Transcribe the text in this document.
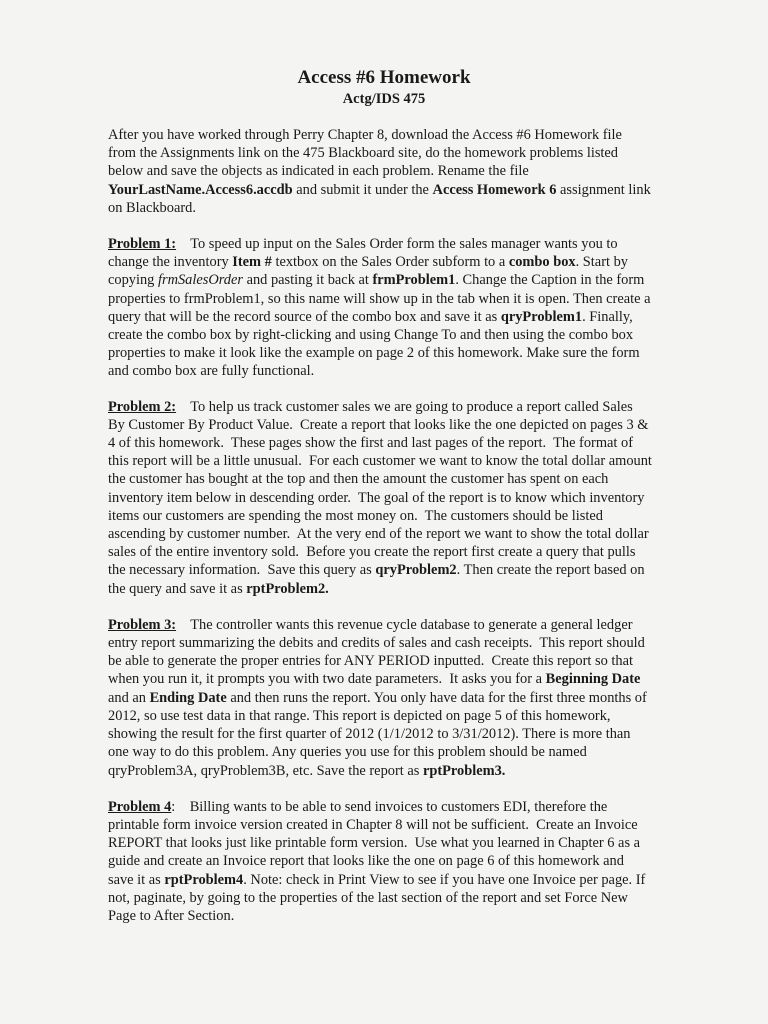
Access #6 Homework

Actg/IDS 475

After you have worked through Perry Chapter 8, download the Access #6 Homework file from the Assignments link on the 475 Blackboard site, do the homework problems listed below and save the objects as indicated in each problem. Rename the file YourLastName.Access6.accdb and submit it under the Access Homework 6 assignment link on Blackboard.

Problem 1:    To speed up input on the Sales Order form the sales manager wants you to change the inventory Item # textbox on the Sales Order subform to a combo box. Start by copying frmSalesOrder and pasting it back at frmProblem1. Change the Caption in the form properties to frmProblem1, so this name will show up in the tab when it is open. Then create a query that will be the record source of the combo box and save it as qryProblem1. Finally, create the combo box by right-clicking and using Change To and then using the combo box properties to make it look like the example on page 2 of this homework. Make sure the form and combo box are fully functional.

Problem 2:    To help us track customer sales we are going to produce a report called Sales By Customer By Product Value.  Create a report that looks like the one depicted on pages 3 & 4 of this homework.  These pages show the first and last pages of the report.  The format of this report will be a little unusual.  For each customer we want to know the total dollar amount the customer has bought at the top and then the amount the customer has spent on each inventory item below in descending order.  The goal of the report is to know which inventory items our customers are spending the most money on.  The customers should be listed ascending by customer number.  At the very end of the report we want to show the total dollar sales of the entire inventory sold.  Before you create the report first create a query that pulls the necessary information.  Save this query as qryProblem2. Then create the report based on the query and save it as rptProblem2.

Problem 3:    The controller wants this revenue cycle database to generate a general ledger entry report summarizing the debits and credits of sales and cash receipts.  This report should be able to generate the proper entries for ANY PERIOD inputted.  Create this report so that when you run it, it prompts you with two date parameters.  It asks you for a Beginning Date and an Ending Date and then runs the report. You only have data for the first three months of 2012, so use test data in that range. This report is depicted on page 5 of this homework, showing the result for the first quarter of 2012 (1/1/2012 to 3/31/2012). There is more than one way to do this problem. Any queries you use for this problem should be named qryProblem3A, qryProblem3B, etc. Save the report as rptProblem3.

Problem 4:    Billing wants to be able to send invoices to customers EDI, therefore the printable form invoice version created in Chapter 8 will not be sufficient.  Create an Invoice REPORT that looks just like printable form version.  Use what you learned in Chapter 6 as a guide and create an Invoice report that looks like the one on page 6 of this homework and save it as rptProblem4. Note: check in Print View to see if you have one Invoice per page. If not, paginate, by going to the properties of the last section of the report and set Force New Page to After Section.
